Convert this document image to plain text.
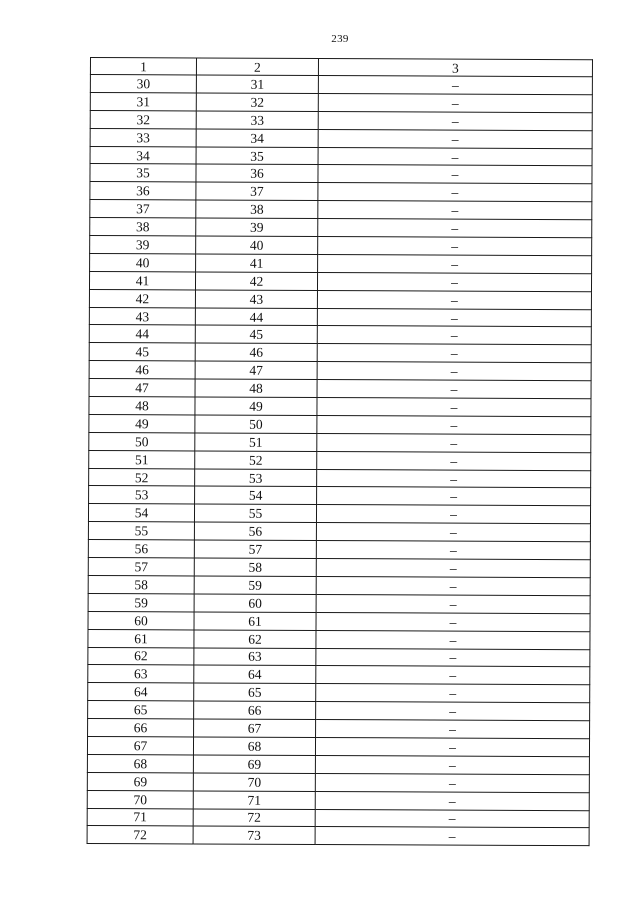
239
1	2	3
30	31	–
31	32	–
32	33	–
33	34	–
34	35	–
35	36	–
36	37	–
37	38	–
38	39	–
39	40	–
40	41	–
41	42	–
42	43	–
43	44	–
44	45	–
45	46	–
46	47	–
47	48	–
48	49	–
49	50	–
50	51	–
51	52	–
52	53	–
53	54	–
54	55	–
55	56	–
56	57	–
57	58	–
58	59	–
59	60	–
60	61	–
61	62	–
62	63	–
63	64	–
64	65	–
65	66	–
66	67	–
67	68	–
68	69	–
69	70	–
70	71	–
71	72	–
72	73	–
